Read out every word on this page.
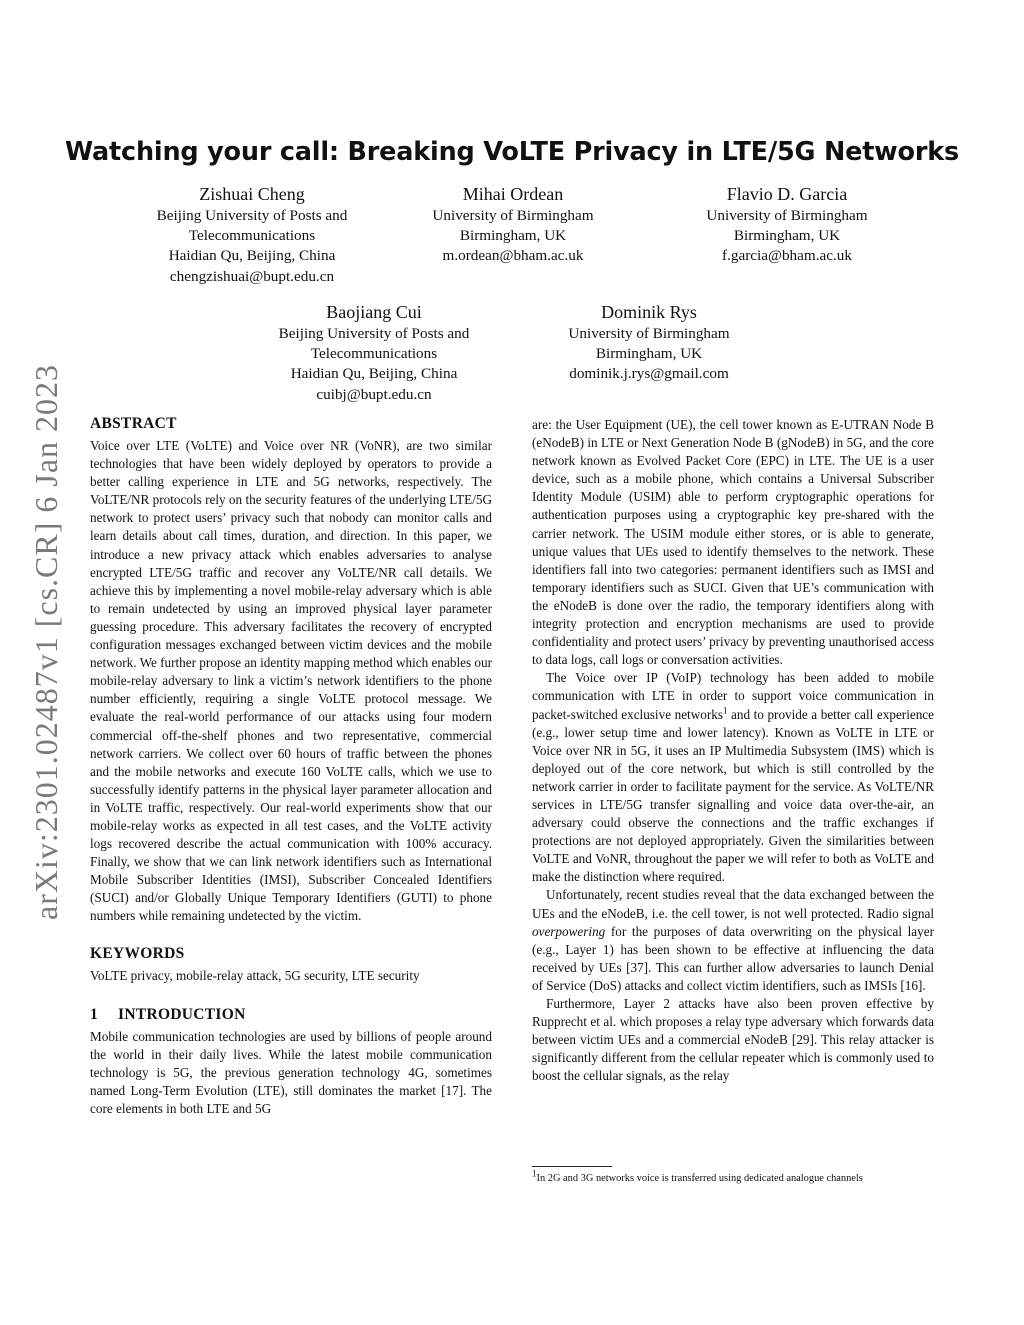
Watching your call: Breaking VoLTE Privacy in LTE/5G Networks
arXiv:2301.02487v1 [cs.CR] 6 Jan 2023
Zishuai Cheng
Beijing University of Posts and
Telecommunications
Haidian Qu, Beijing, China
chengzishuai@bupt.edu.cn
Mihai Ordean
University of Birmingham
Birmingham, UK
m.ordean@bham.ac.uk
Flavio D. Garcia
University of Birmingham
Birmingham, UK
f.garcia@bham.ac.uk
Baojiang Cui
Beijing University of Posts and
Telecommunications
Haidian Qu, Beijing, China
cuibj@bupt.edu.cn
Dominik Rys
University of Birmingham
Birmingham, UK
dominik.j.rys@gmail.com
ABSTRACT

Voice over LTE (VoLTE) and Voice over NR (VoNR), are two similar technologies that have been widely deployed by operators to provide a better calling experience in LTE and 5G networks, respectively. The VoLTE/NR protocols rely on the security features of the underlying LTE/5G network to protect users’ privacy such that nobody can monitor calls and learn details about call times, duration, and direction. In this paper, we introduce a new privacy attack which enables adversaries to analyse encrypted LTE/5G traffic and recover any VoLTE/NR call details. We achieve this by implementing a novel mobile-relay adversary which is able to remain undetected by using an improved physical layer parameter guessing procedure. This adversary facilitates the recovery of encrypted configuration messages exchanged between victim devices and the mobile network. We further propose an identity mapping method which enables our mobile-relay adversary to link a victim’s network identifiers to the phone number efficiently, requiring a single VoLTE protocol message. We evaluate the real-world performance of our attacks using four modern commercial off-the-shelf phones and two representative, commercial network carriers. We collect over 60 hours of traffic between the phones and the mobile networks and execute 160 VoLTE calls, which we use to successfully identify patterns in the physical layer parameter allocation and in VoLTE traffic, respectively. Our real-world experiments show that our mobile-relay works as expected in all test cases, and the VoLTE activity logs recovered describe the actual communication with 100% accuracy. Finally, we show that we can link network identifiers such as International Mobile Subscriber Identities (IMSI), Subscriber Concealed Identifiers (SUCI) and/or Globally Unique Temporary Identifiers (GUTI) to phone numbers while remaining undetected by the victim.

KEYWORDS

VoLTE privacy, mobile-relay attack, 5G security, LTE security

1 INTRODUCTION

Mobile communication technologies are used by billions of people around the world in their daily lives. While the latest mobile communication technology is 5G, the previous generation technology 4G, sometimes named Long-Term Evolution (LTE), still dominates the market [17]. The core elements in both LTE and 5G

are: the User Equipment (UE), the cell tower known as E-UTRAN Node B (eNodeB) in LTE or Next Generation Node B (gNodeB) in 5G, and the core network known as Evolved Packet Core (EPC) in LTE. The UE is a user device, such as a mobile phone, which contains a Universal Subscriber Identity Module (USIM) able to perform cryptographic operations for authentication purposes using a cryptographic key pre-shared with the carrier network. The USIM module either stores, or is able to generate, unique values that UEs used to identify themselves to the network. These identifiers fall into two categories: permanent identifiers such as IMSI and temporary identifiers such as SUCI. Given that UE’s communication with the eNodeB is done over the radio, the temporary identifiers along with integrity protection and encryption mechanisms are used to provide confidentiality and protect users’ privacy by preventing unauthorised access to data logs, call logs or conversation activities.

The Voice over IP (VoIP) technology has been added to mobile communication with LTE in order to support voice communication in packet-switched exclusive networks$^1$ and to provide a better call experience (e.g., lower setup time and lower latency). Known as VoLTE in LTE or Voice over NR in 5G, it uses an IP Multimedia Subsystem (IMS) which is deployed out of the core network, but which is still controlled by the network carrier in order to facilitate payment for the service. As VoLTE/NR services in LTE/5G transfer signalling and voice data over-the-air, an adversary could observe the connections and the traffic exchanges if protections are not deployed appropriately. Given the similarities between VoLTE and VoNR, throughout the paper we will refer to both as VoLTE and make the distinction where required.

Unfortunately, recent studies reveal that the data exchanged between the UEs and the eNodeB, i.e. the cell tower, is not well protected. Radio signal overpowering for the purposes of data overwriting on the physical layer (e.g., Layer 1) has been shown to be effective at influencing the data received by UEs [37]. This can further allow adversaries to launch Denial of Service (DoS) attacks and collect victim identifiers, such as IMSIs [16].

Furthermore, Layer 2 attacks have also been proven effective by Rupprecht et al. which proposes a relay type adversary which forwards data between victim UEs and a commercial eNodeB [29]. This relay attacker is significantly different from the cellular repeater which is commonly used to boost the cellular signals, as the relay

$^1$In 2G and 3G networks voice is transferred using dedicated analogue channels
